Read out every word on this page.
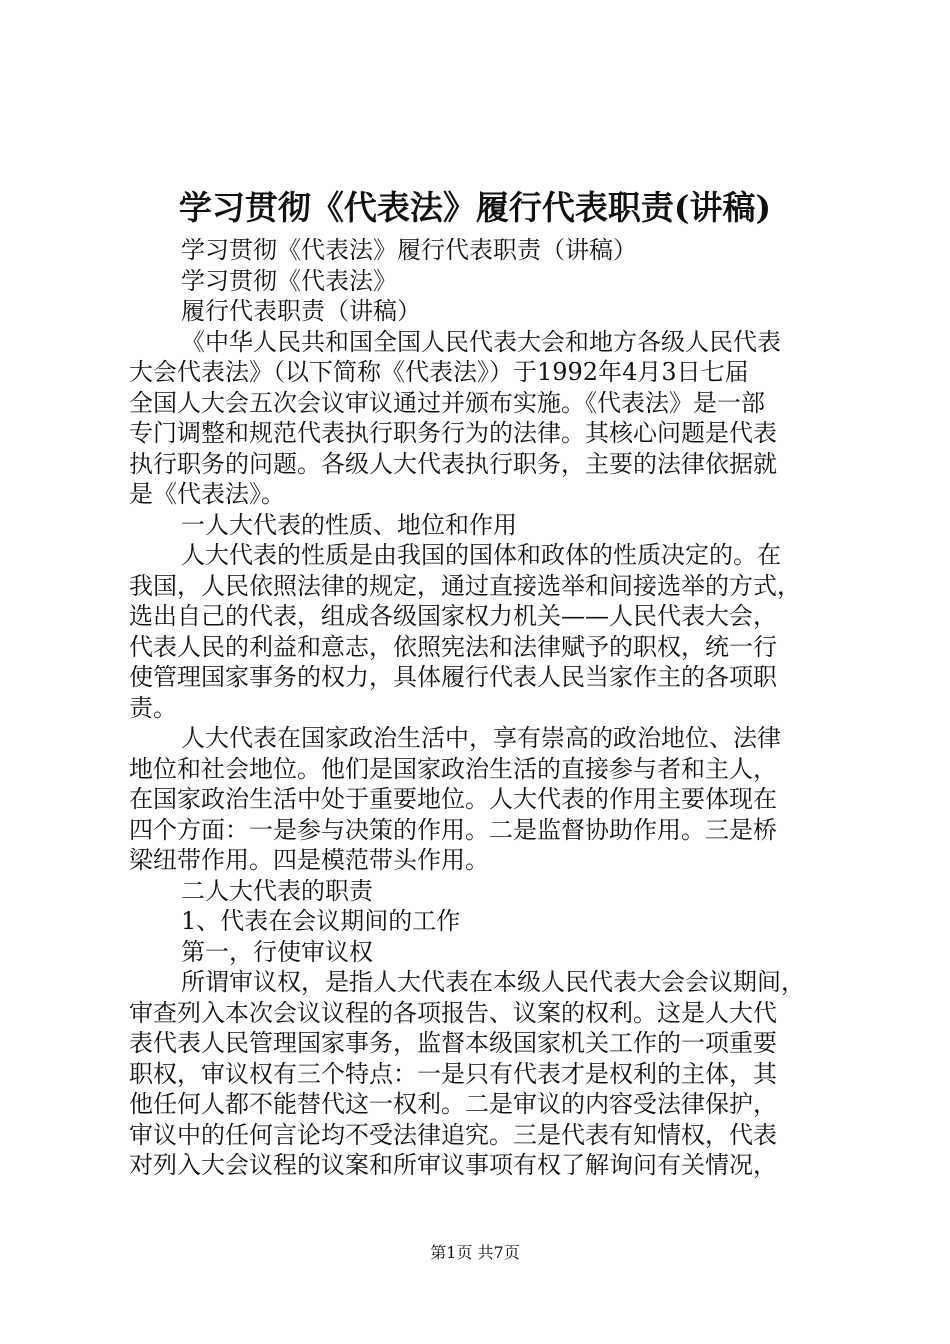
学习贯彻《代表法》履行代表职责(讲稿)
学习贯彻《代表法》履行代表职责（讲稿）
学习贯彻《代表法》
履行代表职责（讲稿）
《中华人民共和国全国人民代表大会和地方各级人民代表
大会代表法》（以下简称《代表法》）于1992年4月3日七届
全国人大会五次会议审议通过并颁布实施。《代表法》是一部
专门调整和规范代表执行职务行为的法律。其核心问题是代表
执行职务的问题。各级人大代表执行职务，主要的法律依据就
是《代表法》。
一人大代表的性质、地位和作用
人大代表的性质是由我国的国体和政体的性质决定的。在
我国，人民依照法律的规定，通过直接选举和间接选举的方式，
选出自己的代表，组成各级国家权力机关——人民代表大会，
代表人民的利益和意志，依照宪法和法律赋予的职权，统一行
使管理国家事务的权力，具体履行代表人民当家作主的各项职
责。
人大代表在国家政治生活中，享有崇高的政治地位、法律
地位和社会地位。他们是国家政治生活的直接参与者和主人，
在国家政治生活中处于重要地位。人大代表的作用主要体现在
四个方面：一是参与决策的作用。二是监督协助作用。三是桥
梁纽带作用。四是模范带头作用。
二人大代表的职责
1、代表在会议期间的工作
第一，行使审议权
所谓审议权，是指人大代表在本级人民代表大会会议期间，
审查列入本次会议议程的各项报告、议案的权利。这是人大代
表代表人民管理国家事务，监督本级国家机关工作的一项重要
职权，审议权有三个特点：一是只有代表才是权利的主体，其
他任何人都不能替代这一权利。二是审议的内容受法律保护，
审议中的任何言论均不受法律追究。三是代表有知情权，代表
对列入大会议程的议案和所审议事项有权了解询问有关情况，
第1页 共7页
